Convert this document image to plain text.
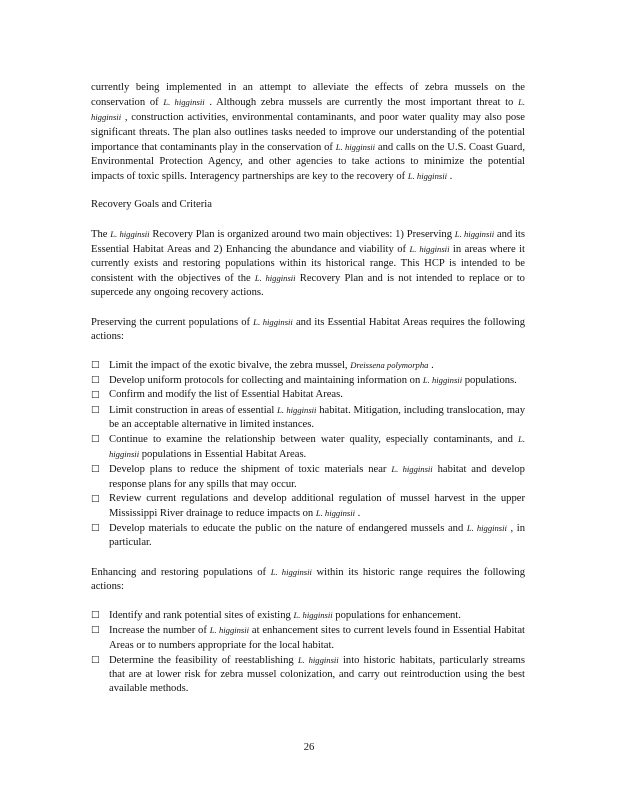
currently being implemented in an attempt to alleviate the effects of zebra mussels on the conservation of L. higginsii . Although zebra mussels are currently the most important threat to L. higginsii , construction activities, environmental contaminants, and poor water quality may also pose significant threats. The plan also outlines tasks needed to improve our understanding of the potential importance that contaminants play in the conservation of L. higginsii and calls on the U.S. Coast Guard, Environmental Protection Agency, and other agencies to take actions to minimize the potential impacts of toxic spills. Interagency partnerships are key to the recovery of L. higginsii .

Recovery Goals and Criteria

The L. higginsii Recovery Plan is organized around two main objectives: 1) Preserving L. higginsii and its Essential Habitat Areas and 2) Enhancing the abundance and viability of L. higginsii in areas where it currently exists and restoring populations within its historical range. This HCP is intended to be consistent with the objectives of the L. higginsii Recovery Plan and is not intended to replace or to supercede any ongoing recovery actions.

Preserving the current populations of L. higginsii and its Essential Habitat Areas requires the following actions:

□ Limit the impact of the exotic bivalve, the zebra mussel, Dreissena polymorpha .
□ Develop uniform protocols for collecting and maintaining information on L. higginsii populations.
□ Confirm and modify the list of Essential Habitat Areas.
□ Limit construction in areas of essential L. higginsii habitat. Mitigation, including translocation, may be an acceptable alternative in limited instances.
□ Continue to examine the relationship between water quality, especially contaminants, and L. higginsii populations in Essential Habitat Areas.
□ Develop plans to reduce the shipment of toxic materials near L. higginsii habitat and develop response plans for any spills that may occur.
□ Review current regulations and develop additional regulation of mussel harvest in the upper Mississippi River drainage to reduce impacts on L. higginsii .
□ Develop materials to educate the public on the nature of endangered mussels and L. higginsii , in particular.

Enhancing and restoring populations of L. higginsii within its historic range requires the following actions:

□ Identify and rank potential sites of existing L. higginsii populations for enhancement.
□ Increase the number of L. higginsii at enhancement sites to current levels found in Essential Habitat Areas or to numbers appropriate for the local habitat.
□ Determine the feasibility of reestablishing L. higginsii into historic habitats, particularly streams that are at lower risk for zebra mussel colonization, and carry out reintroduction using the best available methods.
26
